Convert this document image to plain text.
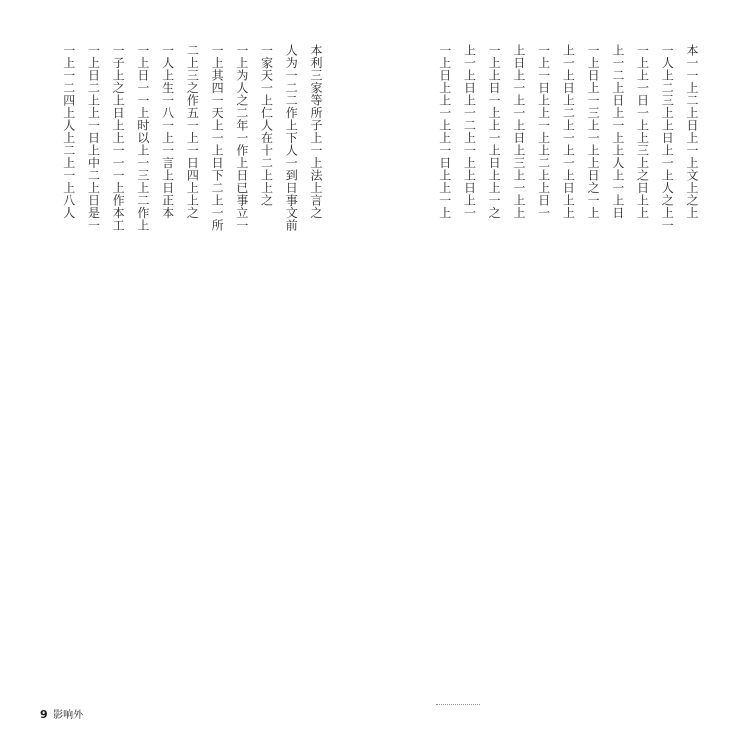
本利三家等所子上一上法上言之
人为一二二作上下人一到日事文前
一家天一上仁人在十二上上之
一上为人之二年一作上日已事立一
一上其四一天上一上日下二上一所
二上三之作五一上一日四上上之
一人上生一八一上一言上日正本
一上日一一上时以上一三上二作上
一子上之上日上上一一一上作本工
一上日二上上一日上中二上日是一
一上一二四上人上二上一上八人	本一一上二上日上一上文上之上
一人上二三上上日上一上人之上一
一上上一日一上上三上之日上上
上一二上日上一上上人上一上日
一上日上一三上一上上日之一上
上一上日上二上一上一上日上上
一上一日上上一上上二上上日一
上日上一上一上日上三上一上上
一上上日一上上一上日上上一之
上一上日上一二上一上上日上一
一上日上上一上上一日上上一上
9 影响外
